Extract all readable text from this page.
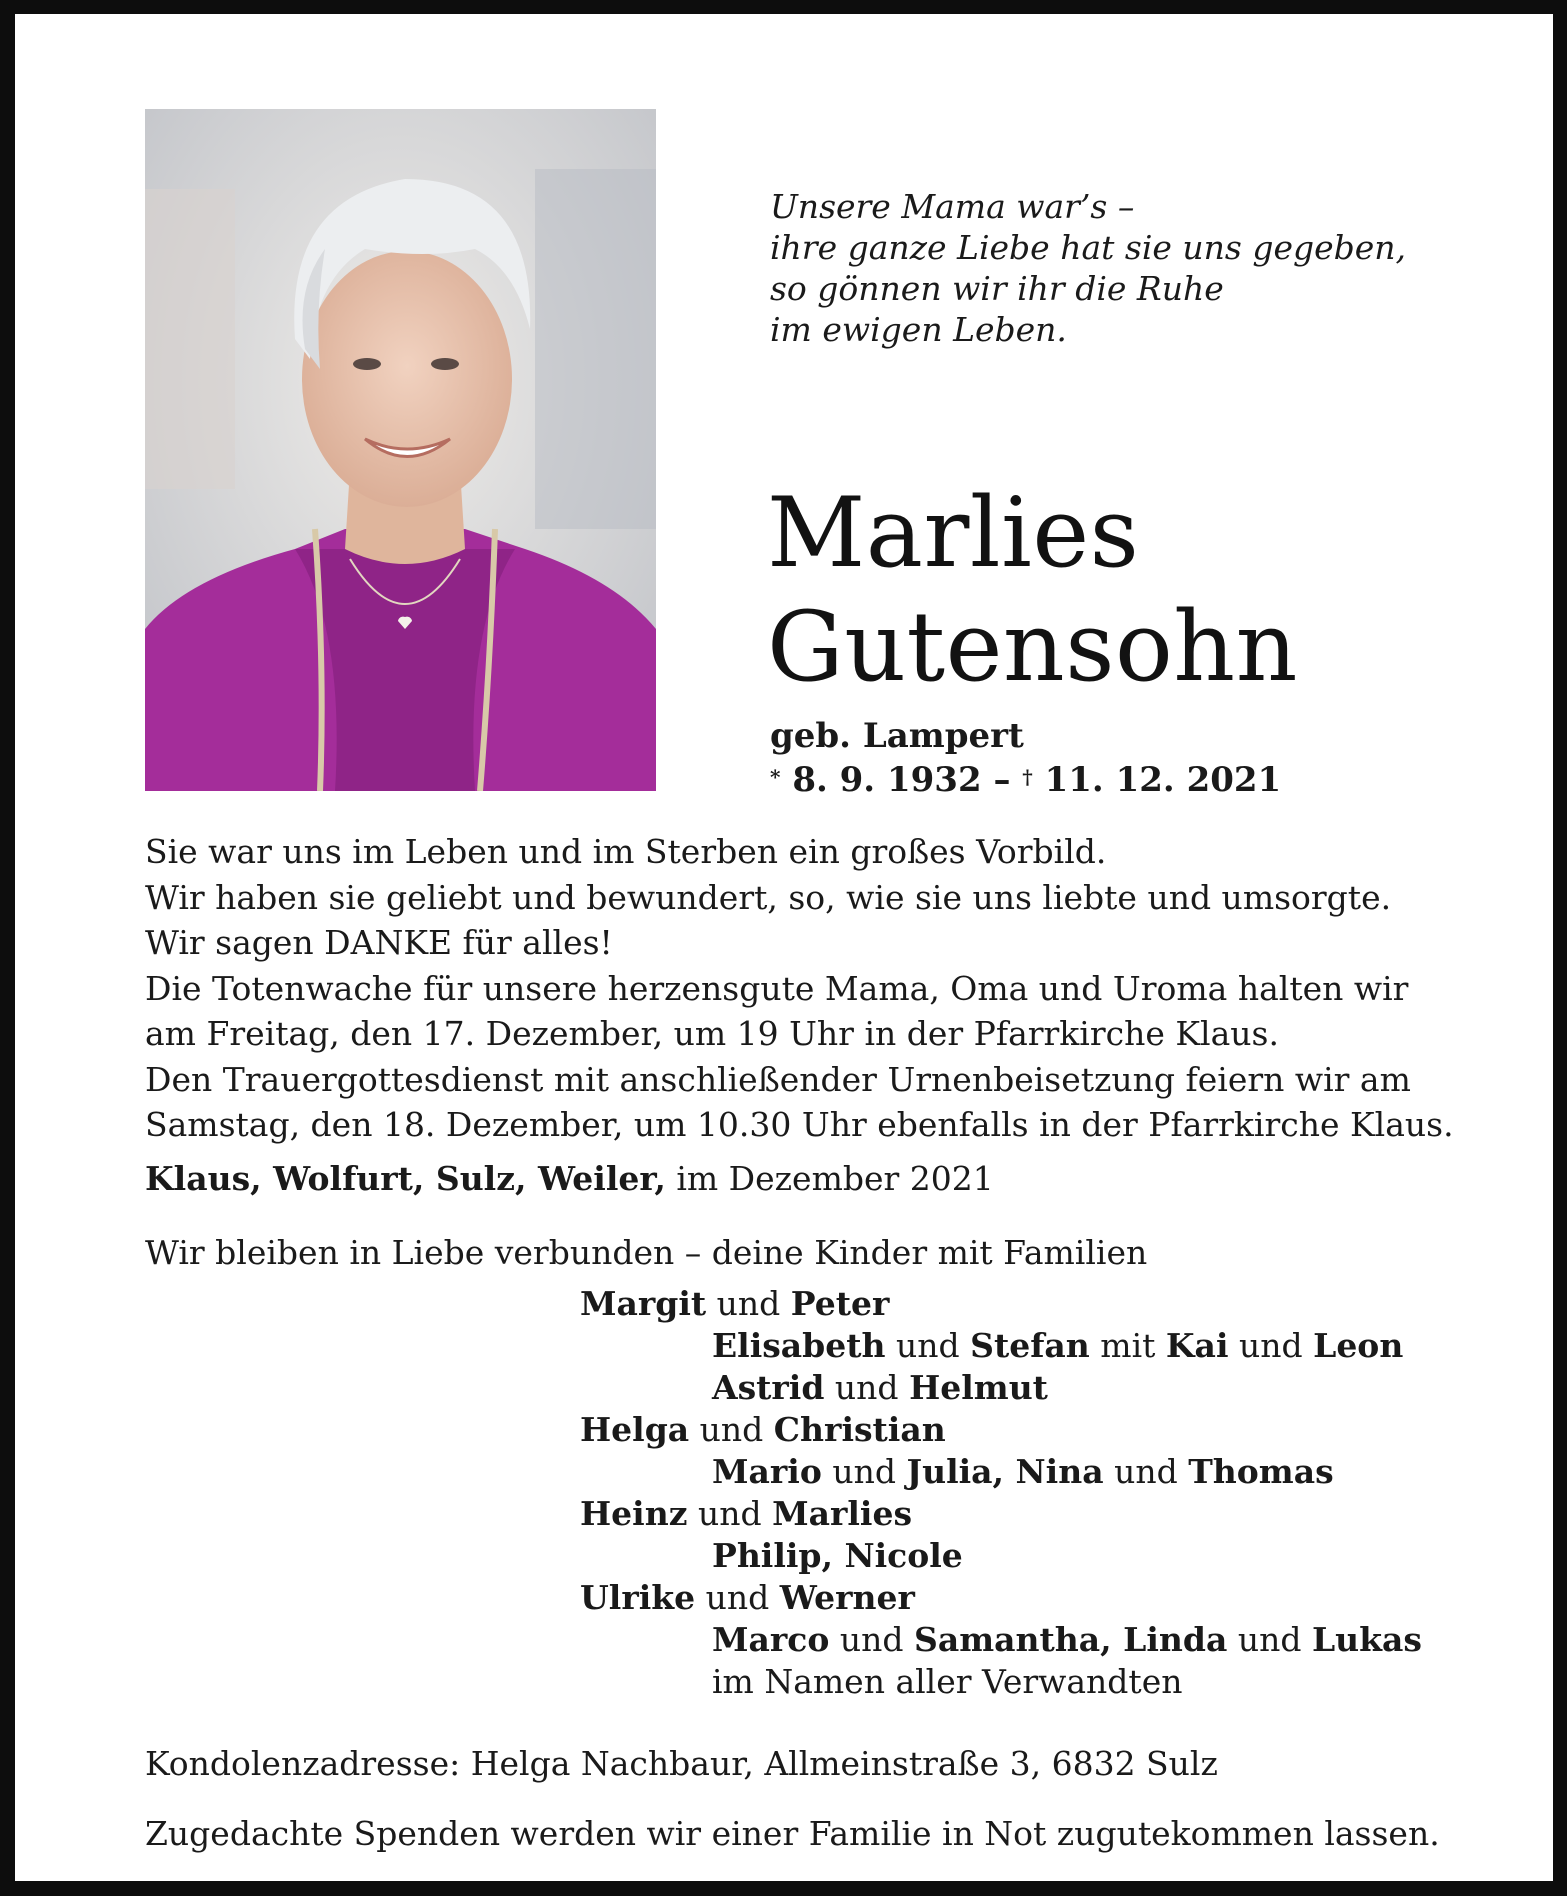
Unsere Mama war’s –
ihre ganze Liebe hat sie uns gegeben,
so gönnen wir ihr die Ruhe
im ewigen Leben.
Marlies
Gutensohn
geb. Lampert
* 8. 9. 1932 – † 11. 12. 2021
Sie war uns im Leben und im Sterben ein großes Vorbild.
Wir haben sie geliebt und bewundert, so, wie sie uns liebte und umsorgte.
Wir sagen DANKE für alles!
Die Totenwache für unsere herzensgute Mama, Oma und Uroma halten wir
am Freitag, den 17. Dezember, um 19 Uhr in der Pfarrkirche Klaus.
Den Trauergottesdienst mit anschließender Urnenbeisetzung feiern wir am
Samstag, den 18. Dezember, um 10.30 Uhr ebenfalls in der Pfarrkirche Klaus.
Klaus, Wolfurt, Sulz, Weiler, im Dezember 2021
Wir bleiben in Liebe verbunden – deine Kinder mit Familien
Margit und Peter
Elisabeth und Stefan mit Kai und Leon
Astrid und Helmut
Helga und Christian
Mario und Julia, Nina und Thomas
Heinz und Marlies
Philip, Nicole
Ulrike und Werner
Marco und Samantha, Linda und Lukas
im Namen aller Verwandten
Kondolenzadresse: Helga Nachbaur, Allmeinstraße 3, 6832 Sulz
Zugedachte Spenden werden wir einer Familie in Not zugutekommen lassen.
